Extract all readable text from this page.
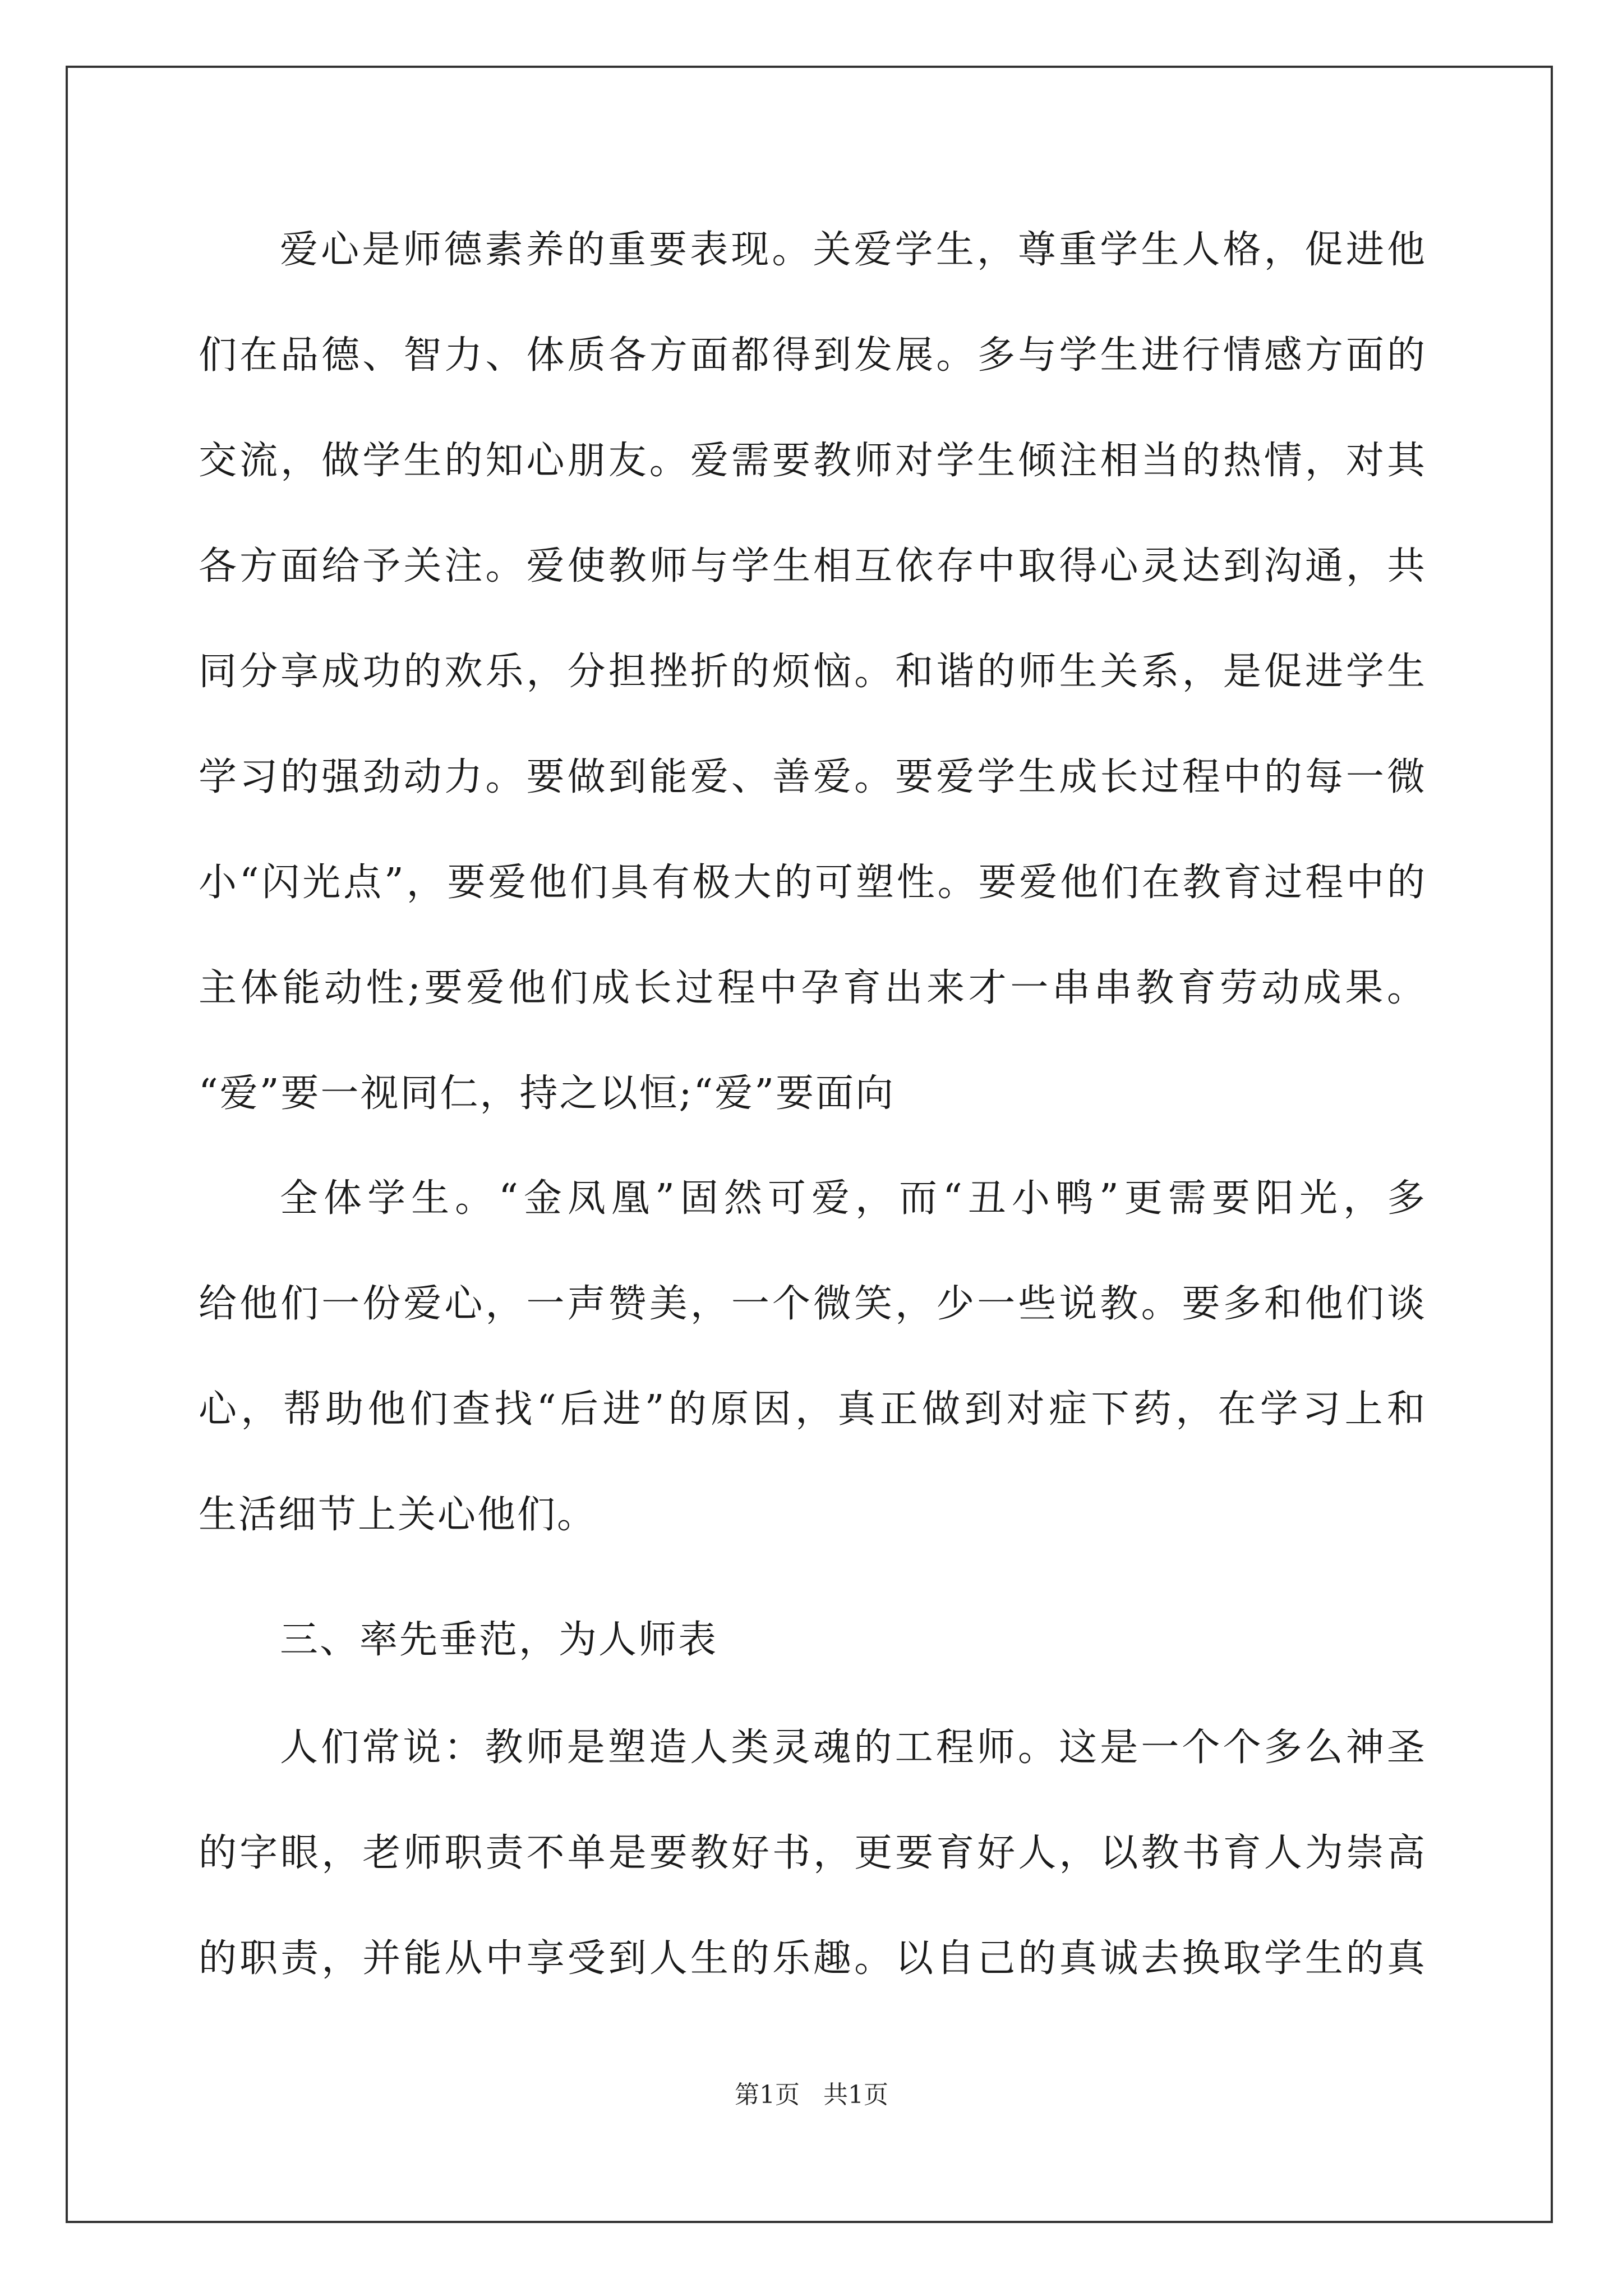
爱心是师德素养的重要表现。关爱学生，尊重学生人格，促进他
们在品德、智力、体质各方面都得到发展。多与学生进行情感方面的
交流，做学生的知心朋友。爱需要教师对学生倾注相当的热情，对其
各方面给予关注。爱使教师与学生相互依存中取得心灵达到沟通，共
同分享成功的欢乐，分担挫折的烦恼。和谐的师生关系，是促进学生
学习的强劲动力。要做到能爱、善爱。要爱学生成长过程中的每一微
小“闪光点”，要爱他们具有极大的可塑性。要爱他们在教育过程中的
主体能动性;要爱他们成长过程中孕育出来才一串串教育劳动成果。
“爱”要一视同仁，持之以恒;“爱”要面向
全体学生。“金凤凰”固然可爱，而“丑小鸭”更需要阳光，多
给他们一份爱心，一声赞美，一个微笑，少一些说教。要多和他们谈
心，帮助他们查找“后进”的原因，真正做到对症下药，在学习上和
生活细节上关心他们。
三、率先垂范，为人师表
人们常说：教师是塑造人类灵魂的工程师。这是一个个多么神圣
的字眼，老师职责不单是要教好书，更要育好人，以教书育人为崇高
的职责，并能从中享受到人生的乐趣。以自己的真诚去换取学生的真
第1页   共1页
